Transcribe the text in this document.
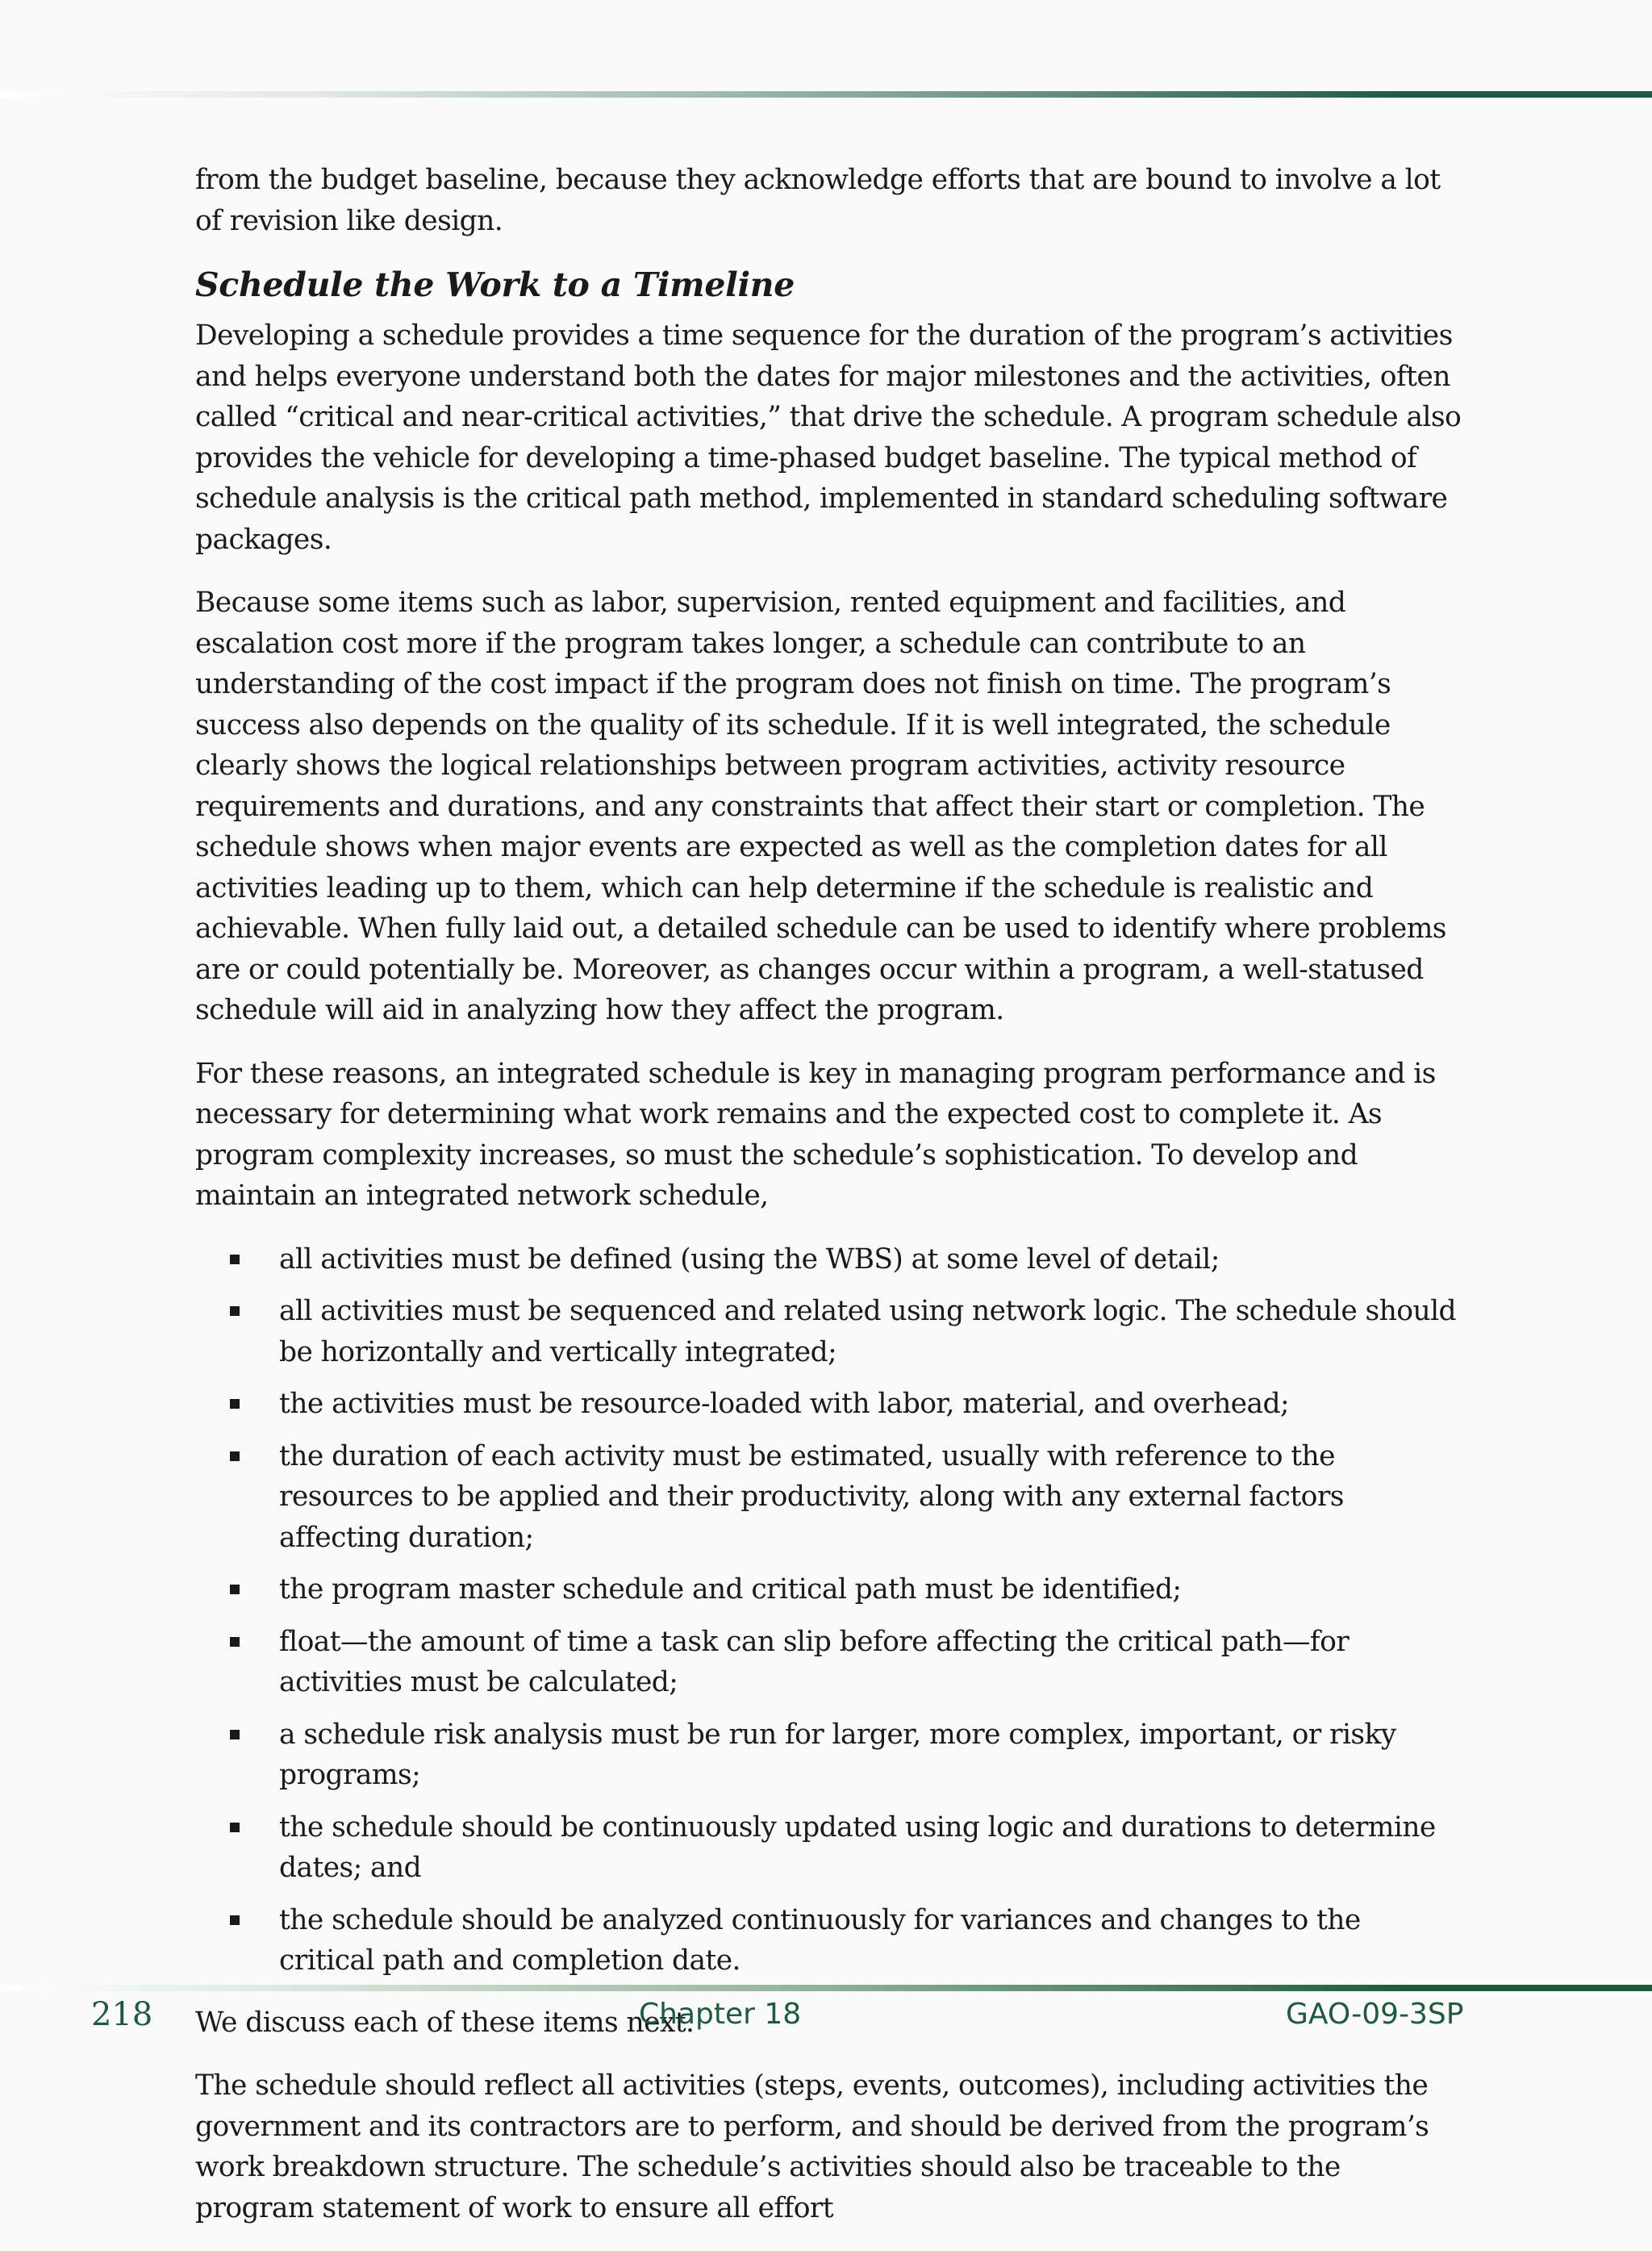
from the budget baseline, because they acknowledge efforts that are bound to involve a lot of revision like design.

Schedule the Work to a Timeline

Developing a schedule provides a time sequence for the duration of the program’s activities and helps everyone understand both the dates for major milestones and the activities, often called “critical and near-critical activities,” that drive the schedule. A program schedule also provides the vehicle for developing a time-phased budget baseline. The typical method of schedule analysis is the critical path method, implemented in standard scheduling software packages.

Because some items such as labor, supervision, rented equipment and facilities, and escalation cost more if the program takes longer, a schedule can contribute to an understanding of the cost impact if the program does not finish on time. The program’s success also depends on the quality of its schedule. If it is well integrated, the schedule clearly shows the logical relationships between program activities, activity resource requirements and durations, and any constraints that affect their start or completion. The schedule shows when major events are expected as well as the completion dates for all activities leading up to them, which can help determine if the schedule is realistic and achievable. When fully laid out, a detailed schedule can be used to identify where problems are or could potentially be. Moreover, as changes occur within a program, a well-statused schedule will aid in analyzing how they affect the program.

For these reasons, an integrated schedule is key in managing program performance and is necessary for determining what work remains and the expected cost to complete it. As program complexity increases, so must the schedule’s sophistication. To develop and maintain an integrated network schedule,

all activities must be defined (using the WBS) at some level of detail;
all activities must be sequenced and related using network logic. The schedule should be horizontally and vertically integrated;
the activities must be resource-loaded with labor, material, and overhead;
the duration of each activity must be estimated, usually with reference to the resources to be applied and their productivity, along with any external factors affecting duration;
the program master schedule and critical path must be identified;
float—the amount of time a task can slip before affecting the critical path—for activities must be calculated;
a schedule risk analysis must be run for larger, more complex, important, or risky programs;
the schedule should be continuously updated using logic and durations to determine dates; and
the schedule should be analyzed continuously for variances and changes to the critical path and completion date.

We discuss each of these items next.

The schedule should reflect all activities (steps, events, outcomes), including activities the government and its contractors are to perform, and should be derived from the program’s work breakdown structure. The schedule’s activities should also be traceable to the program statement of work to ensure all effort

218	Chapter 18	GAO-09-3SP
